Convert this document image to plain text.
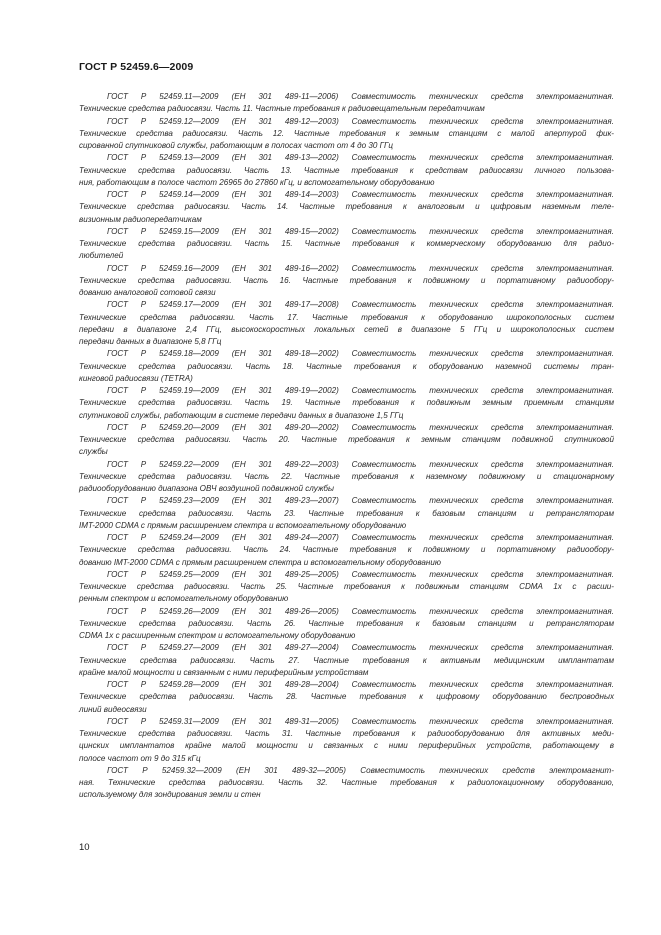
ГОСТ Р 52459.6—2009
ГОСТ Р 52459.11—2009 (ЕН 301 489-11—2006) Совместимость технических средств электромагнитная.
Технические средства радиосвязи. Часть 11. Частные требования к радиовещательным передатчикам
ГОСТ Р 52459.12—2009 (ЕН 301 489-12—2003) Совместимость технических средств электромагнитная.
Технические средства радиосвязи. Часть 12. Частные требования к земным станциям с малой апертурой фик-
сированной спутниковой службы, работающим в полосах частот от 4 до 30 ГГц
ГОСТ Р 52459.13—2009 (ЕН 301 489-13—2002) Совместимость технических средств электромагнитная.
Технические средства радиосвязи. Часть 13. Частные требования к средствам радиосвязи личного пользова-
ния, работающим в полосе частот 26965 до 27860 кГц, и вспомогательному оборудованию
ГОСТ Р 52459.14—2009 (ЕН 301 489-14—2003) Совместимость технических средств электромагнитная.
Технические средства радиосвязи. Часть 14. Частные требования к аналоговым и цифровым наземным теле-
визионным радиопередатчикам
ГОСТ Р 52459.15—2009 (ЕН 301 489-15—2002) Совместимость технических средств электромагнитная.
Технические средства радиосвязи. Часть 15. Частные требования к коммерческому оборудованию для радио-
любителей
ГОСТ Р 52459.16—2009 (ЕН 301 489-16—2002) Совместимость технических средств электромагнитная.
Технические средства радиосвязи. Часть 16. Частные требования к подвижному и портативному радиообору-
дованию аналоговой сотовой связи
ГОСТ Р 52459.17—2009 (ЕН 301 489-17—2008) Совместимость технических средств электромагнитная.
Технические средства радиосвязи. Часть 17. Частные требования к оборудованию широкополосных систем
передачи в диапазоне 2,4 ГГц, высокоскоростных локальных сетей в диапазоне 5 ГГц и широкополосных систем
передачи данных в диапазоне 5,8 ГГц
ГОСТ Р 52459.18—2009 (ЕН 301 489-18—2002) Совместимость технических средств электромагнитная.
Технические средства радиосвязи. Часть 18. Частные требования к оборудованию наземной системы тран-
кинговой радиосвязи (TETRA)
ГОСТ Р 52459.19—2009 (ЕН 301 489-19—2002) Совместимость технических средств электромагнитная.
Технические средства радиосвязи. Часть 19. Частные требования к подвижным земным приемным станциям
спутниковой службы, работающим в системе передачи данных в диапазоне 1,5 ГГц
ГОСТ Р 52459.20—2009 (ЕН 301 489-20—2002) Совместимость технических средств электромагнитная.
Технические средства радиосвязи. Часть 20. Частные требования к земным станциям подвижной спутниковой
службы
ГОСТ Р 52459.22—2009 (ЕН 301 489-22—2003) Совместимость технических средств электромагнитная.
Технические средства радиосвязи. Часть 22. Частные требования к наземному подвижному и стационарному
радиооборудованию диапазона ОВЧ воздушной подвижной службы
ГОСТ Р 52459.23—2009 (ЕН 301 489-23—2007) Совместимость технических средств электромагнитная.
Технические средства радиосвязи. Часть 23. Частные требования к базовым станциям и ретрансляторам
IMT-2000 CDMA с прямым расширением спектра и вспомогательному оборудованию
ГОСТ Р 52459.24—2009 (ЕН 301 489-24—2007) Совместимость технических средств электромагнитная.
Технические средства радиосвязи. Часть 24. Частные требования к подвижному и портативному радиообору-
дованию IMT-2000 CDMA с прямым расширением спектра и вспомогательному оборудованию
ГОСТ Р 52459.25—2009 (ЕН 301 489-25—2005) Совместимость технических средств электромагнитная.
Технические средства радиосвязи. Часть 25. Частные требования к подвижным станциям CDMA 1x с расши-
ренным спектром и вспомогательному оборудованию
ГОСТ Р 52459.26—2009 (ЕН 301 489-26—2005) Совместимость технических средств электромагнитная.
Технические средства радиосвязи. Часть 26. Частные требования к базовым станциям и ретрансляторам
CDMA 1x с расширенным спектром и вспомогательному оборудованию
ГОСТ Р 52459.27—2009 (ЕН 301 489-27—2004) Совместимость технических средств электромагнитная.
Технические средства радиосвязи. Часть 27. Частные требования к активным медицинским имплантатам
крайне малой мощности и связанным с ними периферийным устройствам
ГОСТ Р 52459.28—2009 (ЕН 301 489-28—2004) Совместимость технических средств электромагнитная.
Технические средства радиосвязи. Часть 28. Частные требования к цифровому оборудованию беспроводных
линий видеосвязи
ГОСТ Р 52459.31—2009 (ЕН 301 489-31—2005) Совместимость технических средств электромагнитная.
Технические средства радиосвязи. Часть 31. Частные требования к радиооборудованию для активных меди-
цинских имплантатов крайне малой мощности и связанных с ними периферийных устройств, работающему в
полосе частот от 9 до 315 кГц
ГОСТ Р 52459.32—2009 (ЕН 301 489-32—2005) Совместимость технических средств электромагнит-
ная. Технические средства радиосвязи. Часть 32. Частные требования к радиолокационному оборудованию,
используемому для зондирования земли и стен
10
